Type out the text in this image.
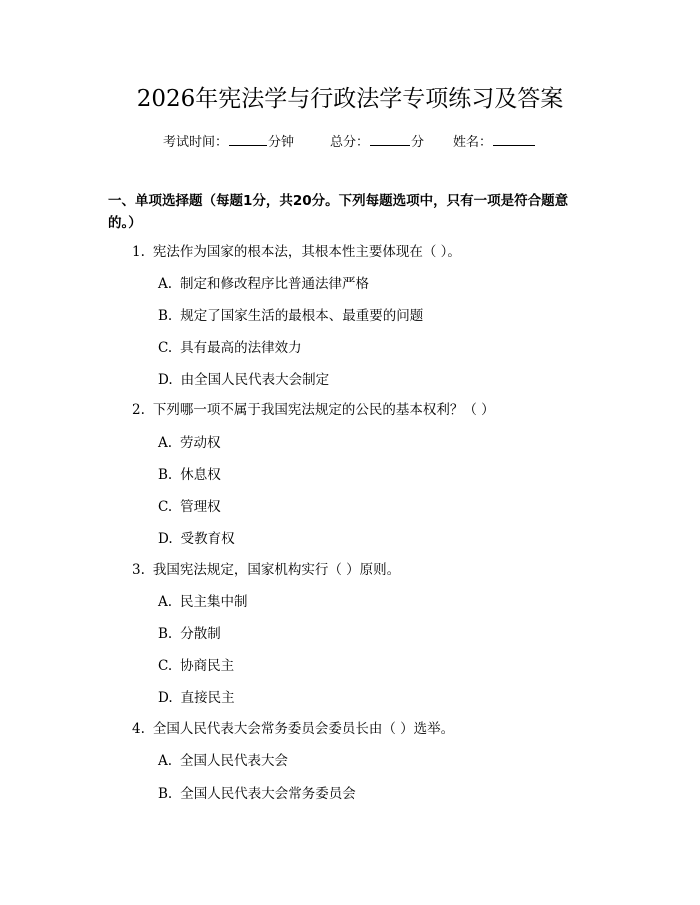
2026年宪法学与行政法学专项练习及答案
考试时间：	分钟	总分：	分 姓名：
一、单项选择题（每题1分，共20分。下列每题选项中，只有一项是符合题意的。）
1. 宪法作为国家的根本法，其根本性主要体现在（ ）。
A. 制定和修改程序比普通法律严格
B. 规定了国家生活的最根本、最重要的问题
C. 具有最高的法律效力
D. 由全国人民代表大会制定
2. 下列哪一项不属于我国宪法规定的公民的基本权利？（ ）
A. 劳动权
B. 休息权
C. 管理权
D. 受教育权
3. 我国宪法规定，国家机构实行（ ）原则。
A. 民主集中制
B. 分散制
C. 协商民主
D. 直接民主
4. 全国人民代表大会常务委员会委员长由（ ）选举。
A. 全国人民代表大会
B. 全国人民代表大会常务委员会
